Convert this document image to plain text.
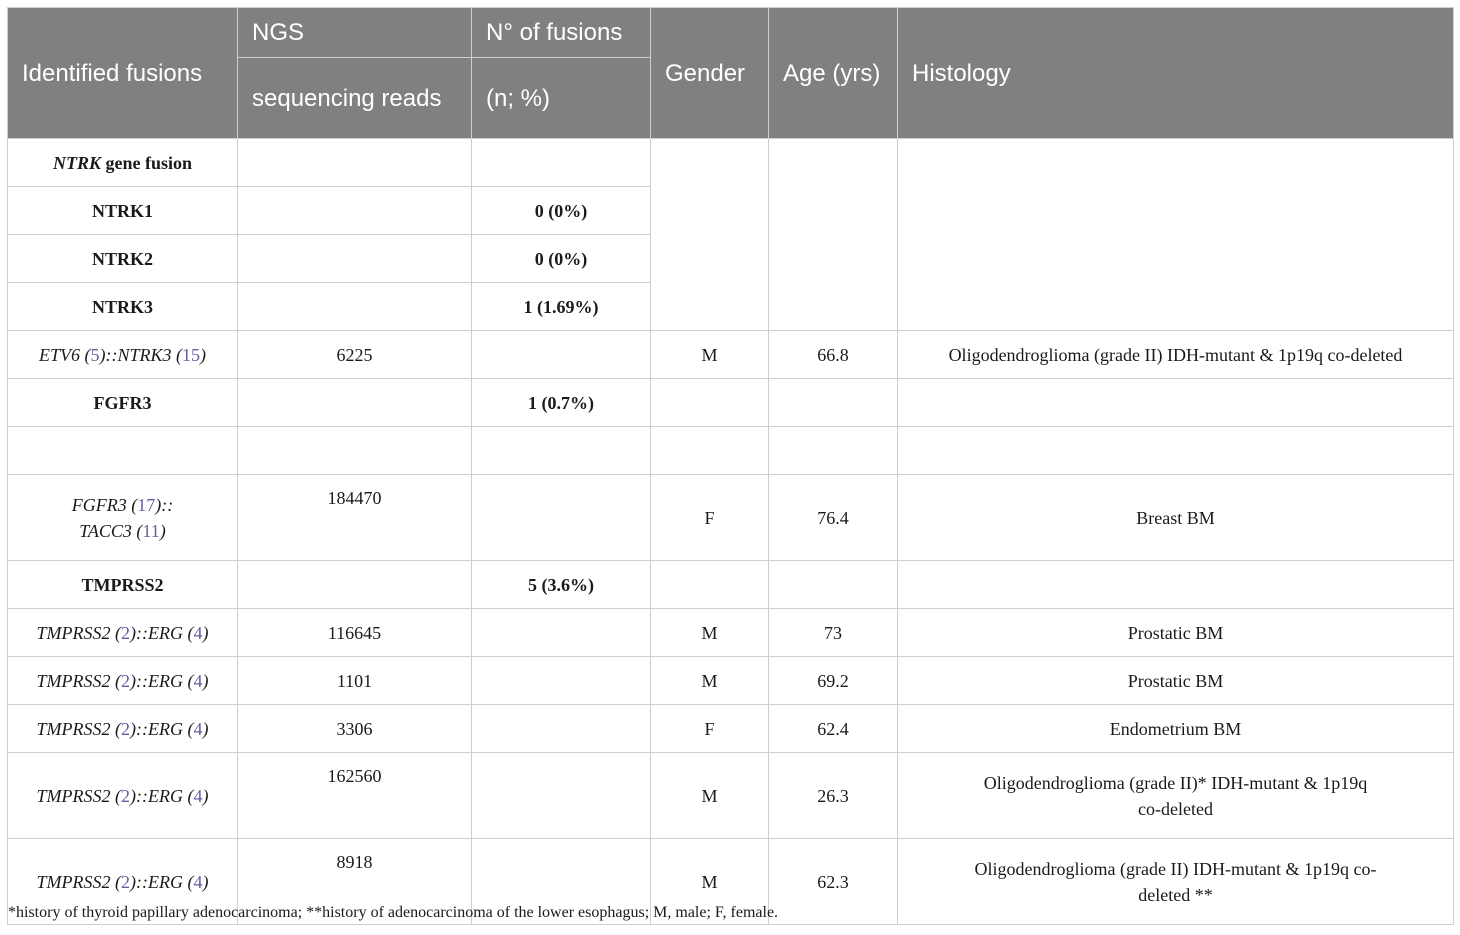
Identified fusions	NGS	N° of fusions	Gender	Age (yrs)	Histology
	sequencing reads	(n; %)			
NTRK gene fusion					
NTRK1		0 (0%)			
NTRK2		0 (0%)			
NTRK3		1 (1.69%)			
ETV6 (5)::NTRK3 (15)	6225		M	66.8	Oligodendroglioma (grade II) IDH-mutant & 1p19q co-deleted
FGFR3		1 (0.7%)			

FGFR3 (17)::
TACC3 (11)	184470		F	76.4	Breast BM
TMPRSS2		5 (3.6%)			
TMPRSS2 (2)::ERG (4)	116645		M	73	Prostatic BM
TMPRSS2 (2)::ERG (4)	1101		M	69.2	Prostatic BM
TMPRSS2 (2)::ERG (4)	3306		F	62.4	Endometrium BM
TMPRSS2 (2)::ERG (4)	162560		M	26.3	Oligodendroglioma (grade II)* IDH-mutant & 1p19q
co-deleted
TMPRSS2 (2)::ERG (4)	8918		M	62.3	Oligodendroglioma (grade II) IDH-mutant & 1p19q co-
deleted **
*history of thyroid papillary adenocarcinoma; **history of adenocarcinoma of the lower esophagus; M, male; F, female.
